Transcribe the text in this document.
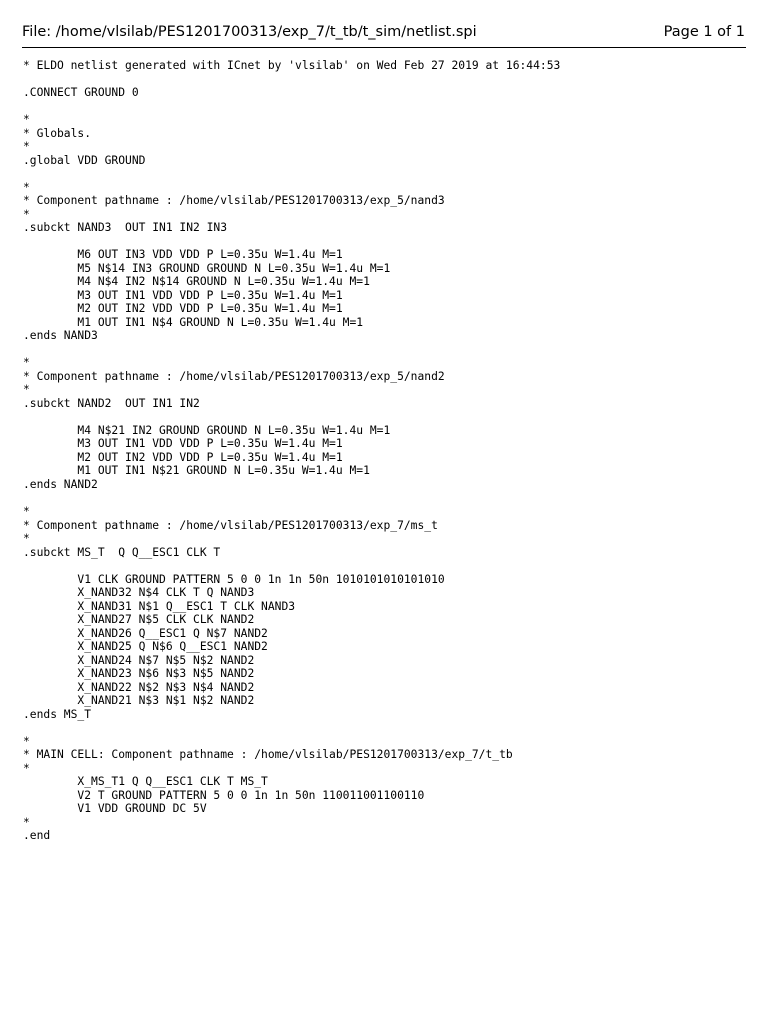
File: /home/vlsilab/PES1201700313/exp_7/t_tb/t_sim/netlist.spi	Page 1 of 1
* ELDO netlist generated with ICnet by 'vlsilab' on Wed Feb 27 2019 at 16:44:53
.CONNECT GROUND 0
*
* Globals.
*
.global VDD GROUND
*
* Component pathname : /home/vlsilab/PES1201700313/exp_5/nand3
*
.subckt NAND3  OUT IN1 IN2 IN3
M6 OUT IN3 VDD VDD P L=0.35u W=1.4u M=1
M5 N$14 IN3 GROUND GROUND N L=0.35u W=1.4u M=1
M4 N$4 IN2 N$14 GROUND N L=0.35u W=1.4u M=1
M3 OUT IN1 VDD VDD P L=0.35u W=1.4u M=1
M2 OUT IN2 VDD VDD P L=0.35u W=1.4u M=1
M1 OUT IN1 N$4 GROUND N L=0.35u W=1.4u M=1
.ends NAND3
*
* Component pathname : /home/vlsilab/PES1201700313/exp_5/nand2
*
.subckt NAND2  OUT IN1 IN2
M4 N$21 IN2 GROUND GROUND N L=0.35u W=1.4u M=1
M3 OUT IN1 VDD VDD P L=0.35u W=1.4u M=1
M2 OUT IN2 VDD VDD P L=0.35u W=1.4u M=1
M1 OUT IN1 N$21 GROUND N L=0.35u W=1.4u M=1
.ends NAND2
*
* Component pathname : /home/vlsilab/PES1201700313/exp_7/ms_t
*
.subckt MS_T  Q Q__ESC1 CLK T
V1 CLK GROUND PATTERN 5 0 0 1n 1n 50n 1010101010101010
X_NAND32 N$4 CLK T Q NAND3
X_NAND31 N$1 Q__ESC1 T CLK NAND3
X_NAND27 N$5 CLK CLK NAND2
X_NAND26 Q__ESC1 Q N$7 NAND2
X_NAND25 Q N$6 Q__ESC1 NAND2
X_NAND24 N$7 N$5 N$2 NAND2
X_NAND23 N$6 N$3 N$5 NAND2
X_NAND22 N$2 N$3 N$4 NAND2
X_NAND21 N$3 N$1 N$2 NAND2
.ends MS_T
*
* MAIN CELL: Component pathname : /home/vlsilab/PES1201700313/exp_7/t_tb
*
X_MS_T1 Q Q__ESC1 CLK T MS_T
V2 T GROUND PATTERN 5 0 0 1n 1n 50n 110011001100110
V1 VDD GROUND DC 5V
*
.end
